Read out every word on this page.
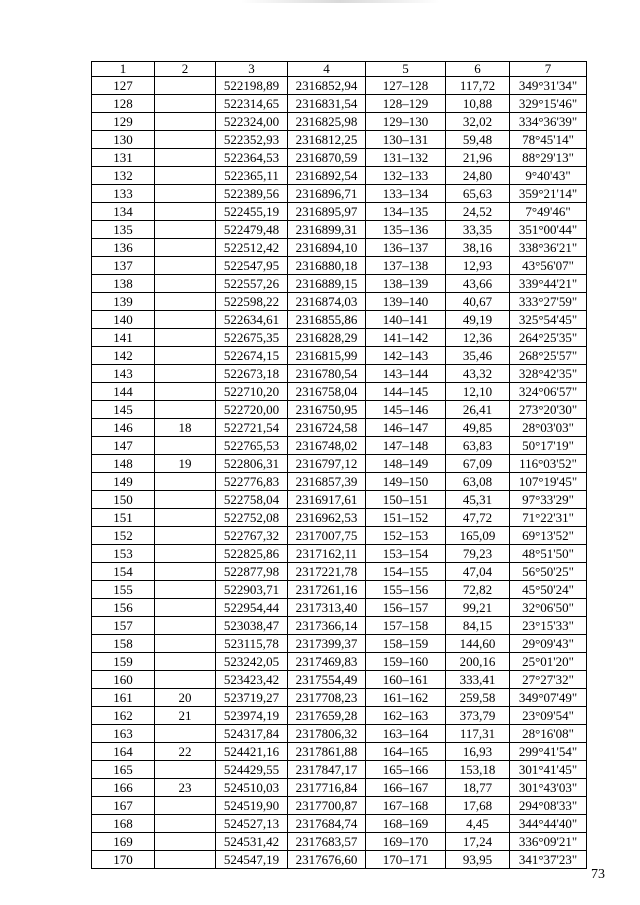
1	2	3	4	5	6	7
127		522198,89	2316852,94	127–128	117,72	349°31'34"
128		522314,65	2316831,54	128–129	10,88	329°15'46"
129		522324,00	2316825,98	129–130	32,02	334°36'39"
130		522352,93	2316812,25	130–131	59,48	78°45'14"
131		522364,53	2316870,59	131–132	21,96	88°29'13"
132		522365,11	2316892,54	132–133	24,80	9°40'43"
133		522389,56	2316896,71	133–134	65,63	359°21'14"
134		522455,19	2316895,97	134–135	24,52	7°49'46"
135		522479,48	2316899,31	135–136	33,35	351°00'44"
136		522512,42	2316894,10	136–137	38,16	338°36'21"
137		522547,95	2316880,18	137–138	12,93	43°56'07"
138		522557,26	2316889,15	138–139	43,66	339°44'21"
139		522598,22	2316874,03	139–140	40,67	333°27'59"
140		522634,61	2316855,86	140–141	49,19	325°54'45"
141		522675,35	2316828,29	141–142	12,36	264°25'35"
142		522674,15	2316815,99	142–143	35,46	268°25'57"
143		522673,18	2316780,54	143–144	43,32	328°42'35"
144		522710,20	2316758,04	144–145	12,10	324°06'57"
145		522720,00	2316750,95	145–146	26,41	273°20'30"
146	18	522721,54	2316724,58	146–147	49,85	28°03'03"
147		522765,53	2316748,02	147–148	63,83	50°17'19"
148	19	522806,31	2316797,12	148–149	67,09	116°03'52"
149		522776,83	2316857,39	149–150	63,08	107°19'45"
150		522758,04	2316917,61	150–151	45,31	97°33'29"
151		522752,08	2316962,53	151–152	47,72	71°22'31"
152		522767,32	2317007,75	152–153	165,09	69°13'52"
153		522825,86	2317162,11	153–154	79,23	48°51'50"
154		522877,98	2317221,78	154–155	47,04	56°50'25"
155		522903,71	2317261,16	155–156	72,82	45°50'24"
156		522954,44	2317313,40	156–157	99,21	32°06'50"
157		523038,47	2317366,14	157–158	84,15	23°15'33"
158		523115,78	2317399,37	158–159	144,60	29°09'43"
159		523242,05	2317469,83	159–160	200,16	25°01'20"
160		523423,42	2317554,49	160–161	333,41	27°27'32"
161	20	523719,27	2317708,23	161–162	259,58	349°07'49"
162	21	523974,19	2317659,28	162–163	373,79	23°09'54"
163		524317,84	2317806,32	163–164	117,31	28°16'08"
164	22	524421,16	2317861,88	164–165	16,93	299°41'54"
165		524429,55	2317847,17	165–166	153,18	301°41'45"
166	23	524510,03	2317716,84	166–167	18,77	301°43'03"
167		524519,90	2317700,87	167–168	17,68	294°08'33"
168		524527,13	2317684,74	168–169	4,45	344°44'40"
169		524531,42	2317683,57	169–170	17,24	336°09'21"
170		524547,19	2317676,60	170–171	93,95	341°37'23"
73
